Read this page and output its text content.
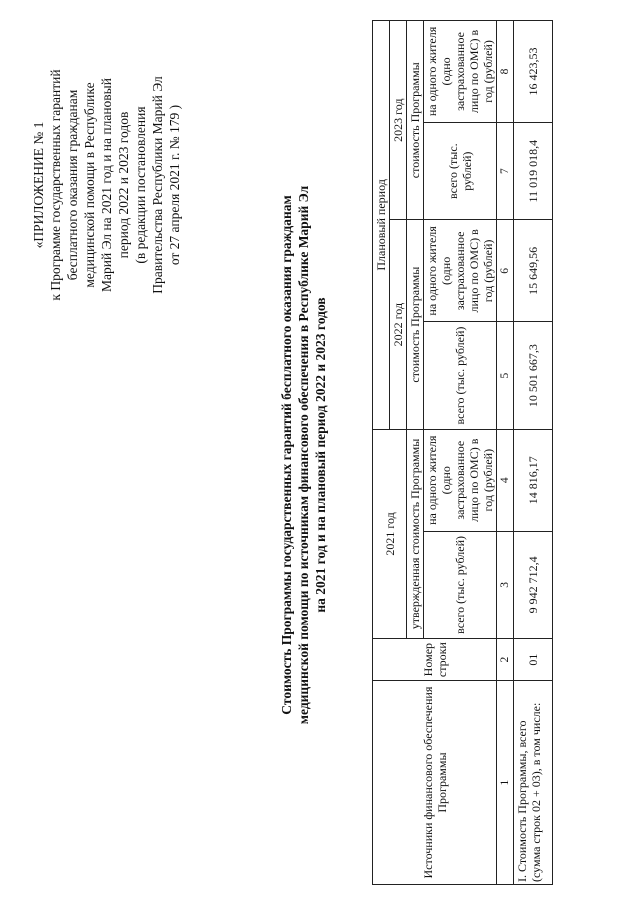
«ПРИЛОЖЕНИЕ № 1 к Программе государственных гарантий бесплатного оказания гражданам медицинской помощи в Республике Марий Эл на 2021 год и на плановый период 2022 и 2023 годов (в редакции постановления Правительства Республики Марий Эл от 27 апреля 2021 г. № 179 )
Стоимость Программы государственных гарантий бесплатного оказания гражданам медицинской помощи по источникам финансового обеспечения в Республике Марий Эл на 2021 год и на плановый период 2022 и 2023 годов
Источники финансового обеспечения Программы	Номер строки	2021 год		Плановый период			
				2022 год		2023 год	
		утвержденная стоимость Программы		стоимость Программы		стоимость Программы	
		всего (тыс. рублей)	на одного жителя (одно застрахованное лицо по ОМС) в год (рублей)	всего (тыс. рублей)	на одного жителя (одно застрахованное лицо по ОМС) в год (рублей)	всего (тыс. рублей)	на одного жителя (одно застрахованное лицо по ОМС) в год (рублей)
1	2	3	4	5	6	7	8
I. Стоимость Программы, всего (сумма строк 02 + 03), в том числе:	01	9 942 712,4	14 816,17	10 501 667,3	15 649,56	11 019 018,4	16 423,53
